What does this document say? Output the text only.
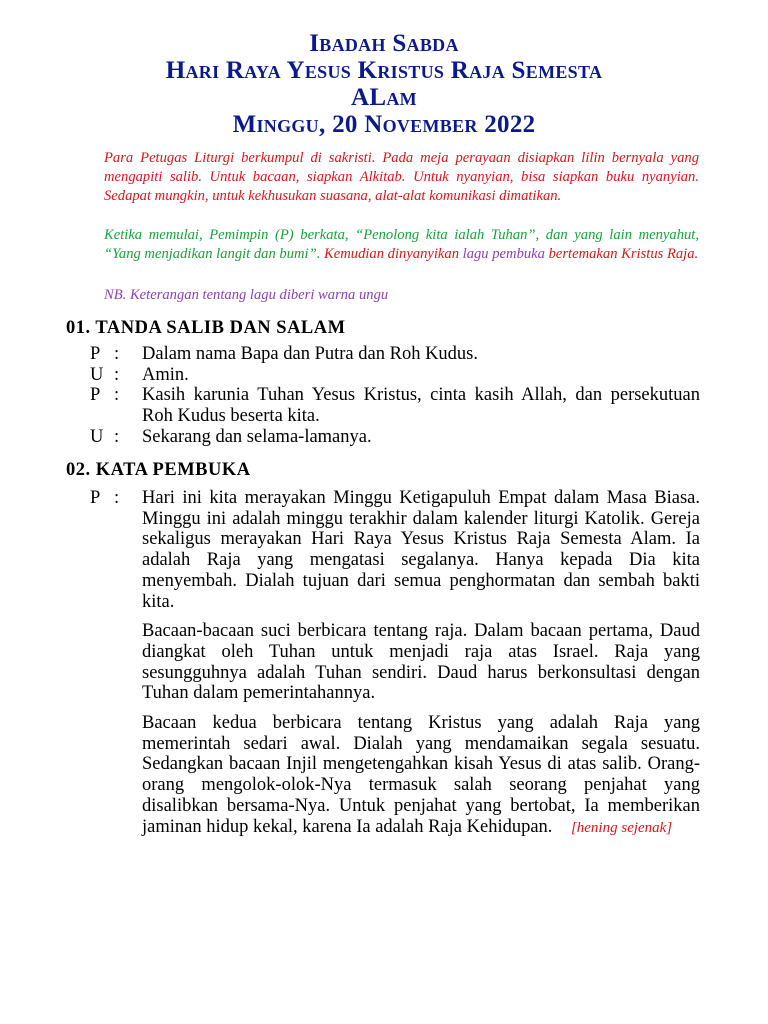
Ibadah Sabda
Hari Raya Yesus Kristus Raja Semesta
ALam
Minggu, 20 November 2022

Para Petugas Liturgi berkumpul di sakristi. Pada meja perayaan disiapkan lilin bernyala yang mengapiti salib. Untuk bacaan, siapkan Alkitab. Untuk nyanyian, bisa siapkan buku nyanyian. Sedapat mungkin, untuk kekhusukan suasana, alat-alat komunikasi dimatikan.

Ketika memulai, Pemimpin (P) berkata, “Penolong kita ialah Tuhan”, dan yang lain menyahut, “Yang menjadikan langit dan bumi”. Kemudian dinyanyikan lagu pembuka bertemakan Kristus Raja.

NB. Keterangan tentang lagu diberi warna ungu

01. TANDA SALIB DAN SALAM
P :	Dalam nama Bapa dan Putra dan Roh Kudus.
U :	Amin.
P :	Kasih karunia Tuhan Yesus Kristus, cinta kasih Allah, dan persekutuan Roh Kudus beserta kita.
U :	Sekarang dan selama-lamanya.
02. KATA PEMBUKA
P :	Hari ini kita merayakan Minggu Ketigapuluh Empat dalam Masa Biasa. Minggu ini adalah minggu terakhir dalam kalender liturgi Katolik. Gereja sekaligus merayakan Hari Raya Yesus Kristus Raja Semesta Alam. Ia adalah Raja yang mengatasi segalanya. Hanya kepada Dia kita menyembah. Dialah tujuan dari semua penghormatan dan sembah bakti kita.

Bacaan-bacaan suci berbicara tentang raja. Dalam bacaan pertama, Daud diangkat oleh Tuhan untuk menjadi raja atas Israel. Raja yang sesungguhnya adalah Tuhan sendiri. Daud harus berkonsultasi dengan Tuhan dalam pemerintahannya.

Bacaan kedua berbicara tentang Kristus yang adalah Raja yang memerintah sedari awal. Dialah yang mendamaikan segala sesuatu. Sedangkan bacaan Injil mengetengahkan kisah Yesus di atas salib. Orang-orang mengolok-olok-Nya termasuk salah seorang penjahat yang disalibkan bersama-Nya. Untuk penjahat yang bertobat, Ia memberikan jaminan hidup kekal, karena Ia adalah Raja Kehidupan. [hening sejenak]
